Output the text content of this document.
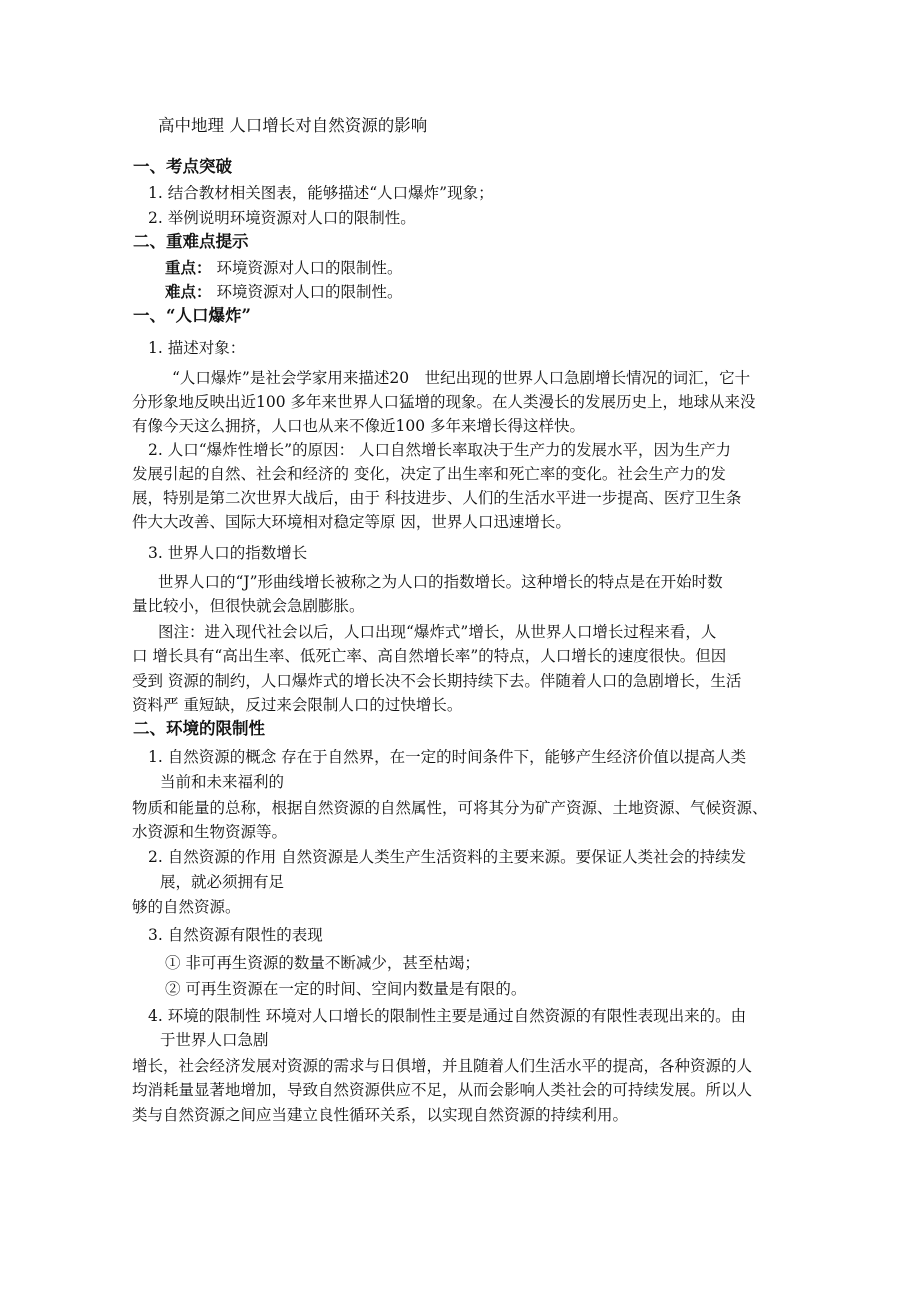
高中地理 人口增长对自然资源的影响
一、考点突破
1. 结合教材相关图表，能够描述“人口爆炸”现象；
2. 举例说明环境资源对人口的限制性。
二、重难点提示
重点： 环境资源对人口的限制性。
难点： 环境资源对人口的限制性。
一、“人口爆炸”
1. 描述对象：
“人口爆炸”是社会学家用来描述20　世纪出现的世界人口急剧增长情况的词汇，它十
分形象地反映出近100 多年来世界人口猛增的现象。在人类漫长的发展历史上，地球从来没
有像今天这么拥挤，人口也从来不像近100 多年来增长得这样快。
2. 人口“爆炸性增长”的原因： 人口自然增长率取决于生产力的发展水平，因为生产力
发展引起的自然、社会和经济的 变化，决定了出生率和死亡率的变化。社会生产力的发
展，特别是第二次世界大战后，由于 科技进步、人们的生活水平进一步提高、医疗卫生条
件大大改善、国际大环境相对稳定等原 因，世界人口迅速增长。
3. 世界人口的指数增长
世界人口的“J”形曲线增长被称之为人口的指数增长。这种增长的特点是在开始时数
量比较小，但很快就会急剧膨胀。
图注：进入现代社会以后，人口出现“爆炸式”增长，从世界人口增长过程来看，人
口 增长具有“高出生率、低死亡率、高自然增长率”的特点，人口增长的速度很快。但因
受到 资源的制约，人口爆炸式的增长决不会长期持续下去。伴随着人口的急剧增长，生活
资料严 重短缺，反过来会限制人口的过快增长。
二、环境的限制性
1. 自然资源的概念 存在于自然界，在一定的时间条件下，能够产生经济价值以提高人类
当前和未来福利的
物质和能量的总称，根据自然资源的自然属性，可将其分为矿产资源、土地资源、气候资源、
水资源和生物资源等。
2. 自然资源的作用 自然资源是人类生产生活资料的主要来源。要保证人类社会的持续发
展，就必须拥有足
够的自然资源。
3. 自然资源有限性的表现
① 非可再生资源的数量不断减少，甚至枯竭；
② 可再生资源在一定的时间、空间内数量是有限的。
4. 环境的限制性 环境对人口增长的限制性主要是通过自然资源的有限性表现出来的。由
于世界人口急剧
增长，社会经济发展对资源的需求与日俱增，并且随着人们生活水平的提高，各种资源的人
均消耗量显著地增加，导致自然资源供应不足，从而会影响人类社会的可持续发展。所以人
类与自然资源之间应当建立良性循环关系，以实现自然资源的持续利用。
